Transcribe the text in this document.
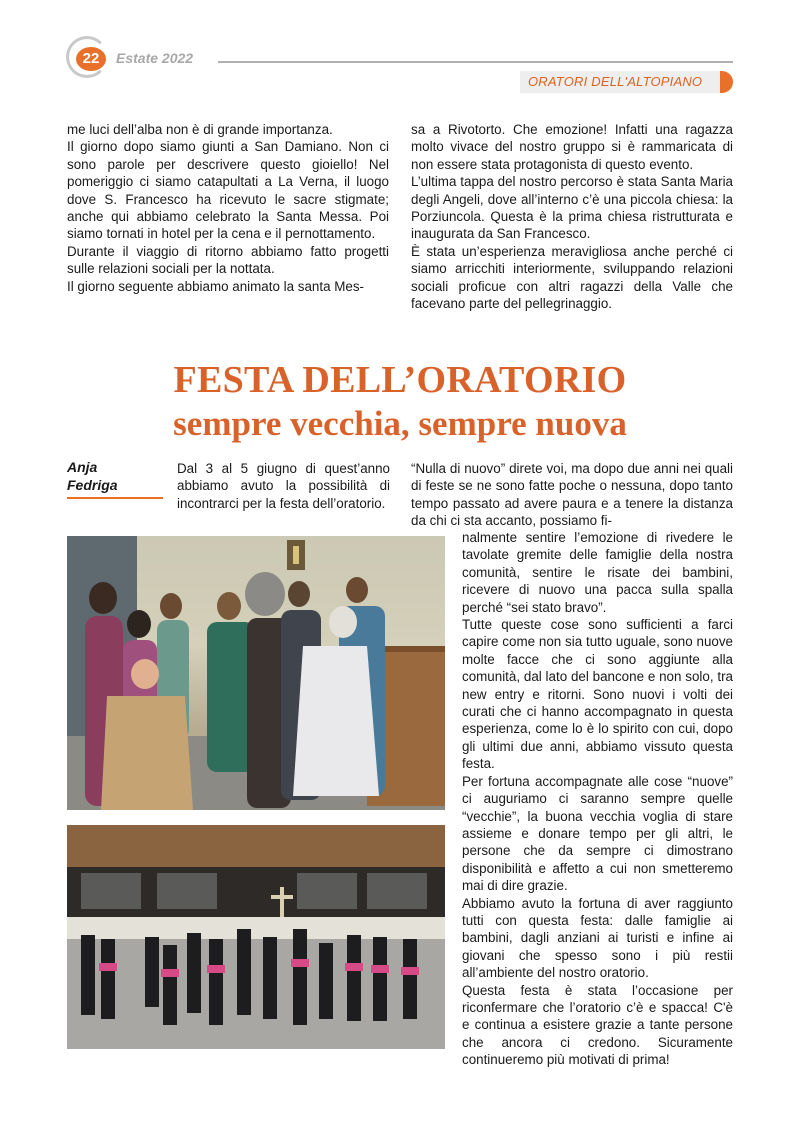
22	Estate 2022
ORATORI DELL'ALTOPIANO

me luci dell’alba non è di grande importanza.

Il giorno dopo siamo giunti a San Damiano. Non ci sono parole per descrivere questo gioiello! Nel pomeriggio ci siamo catapultati a La Verna, il luogo dove S. Francesco ha ricevuto le sacre stigmate; anche qui abbiamo celebrato la Santa Messa. Poi siamo tornati in hotel per la cena e il pernottamento.

Durante il viaggio di ritorno abbiamo fatto progetti sulle relazioni sociali per la nottata.

Il giorno seguente abbiamo animato la santa Mes-

sa a Rivotorto. Che emozione! Infatti una ragazza molto vivace del nostro gruppo si è rammaricata di non essere stata protagonista di questo evento.

L’ultima tappa del nostro percorso è stata Santa Maria degli Angeli, dove all’interno c’è una piccola chiesa: la Porziuncola. Questa è la prima chiesa ristrutturata e inaugurata da San Francesco.

È stata un’esperienza meravigliosa anche perché ci siamo arricchiti interiormente, sviluppando relazioni sociali proficue con altri ragazzi della Valle che facevano parte del pellegrinaggio.

FESTA DELL’ORATORIO
sempre vecchia, sempre nuova
Anja
Fedriga
Dal 3 al 5 giugno di quest’anno abbiamo avuto la possibilità di incontrarci per la festa dell’oratorio.
“Nulla di nuovo” direte voi, ma dopo due anni nei quali di feste se ne sono fatte poche o nessuna, dopo tanto tempo passato ad avere paura e a tenere la distanza da chi ci sta accanto, possiamo fi-

nalmente sentire l’emozione di rivedere le tavolate gremite delle famiglie della nostra comunità, sentire le risate dei bambini, ricevere di nuovo una pacca sulla spalla perché “sei stato bravo”.

Tutte queste cose sono sufficienti a farci capire come non sia tutto uguale, sono nuove molte facce che ci sono aggiunte alla comunità, dal lato del bancone e non solo, tra new entry e ritorni. Sono nuovi i volti dei curati che ci hanno accompagnato in questa esperienza, come lo è lo spirito con cui, dopo gli ultimi due anni, abbiamo vissuto questa festa.

Per fortuna accompagnate alle cose “nuove” ci auguriamo ci saranno sempre quelle “vecchie”, la buona vecchia voglia di stare assieme e donare tempo per gli altri, le persone che da sempre ci dimostrano disponibilità e affetto a cui non smetteremo mai di dire grazie.

Abbiamo avuto la fortuna di aver raggiunto tutti con questa festa: dalle famiglie ai bambini, dagli anziani ai turisti e infine ai giovani che spesso sono i più restii all’ambiente del nostro oratorio.

Questa festa è stata l’occasione per riconfermare che l’oratorio c’è e spacca! C'è e continua a esistere grazie a tante persone che ancora ci credono. Sicuramente continueremo più motivati di prima!
